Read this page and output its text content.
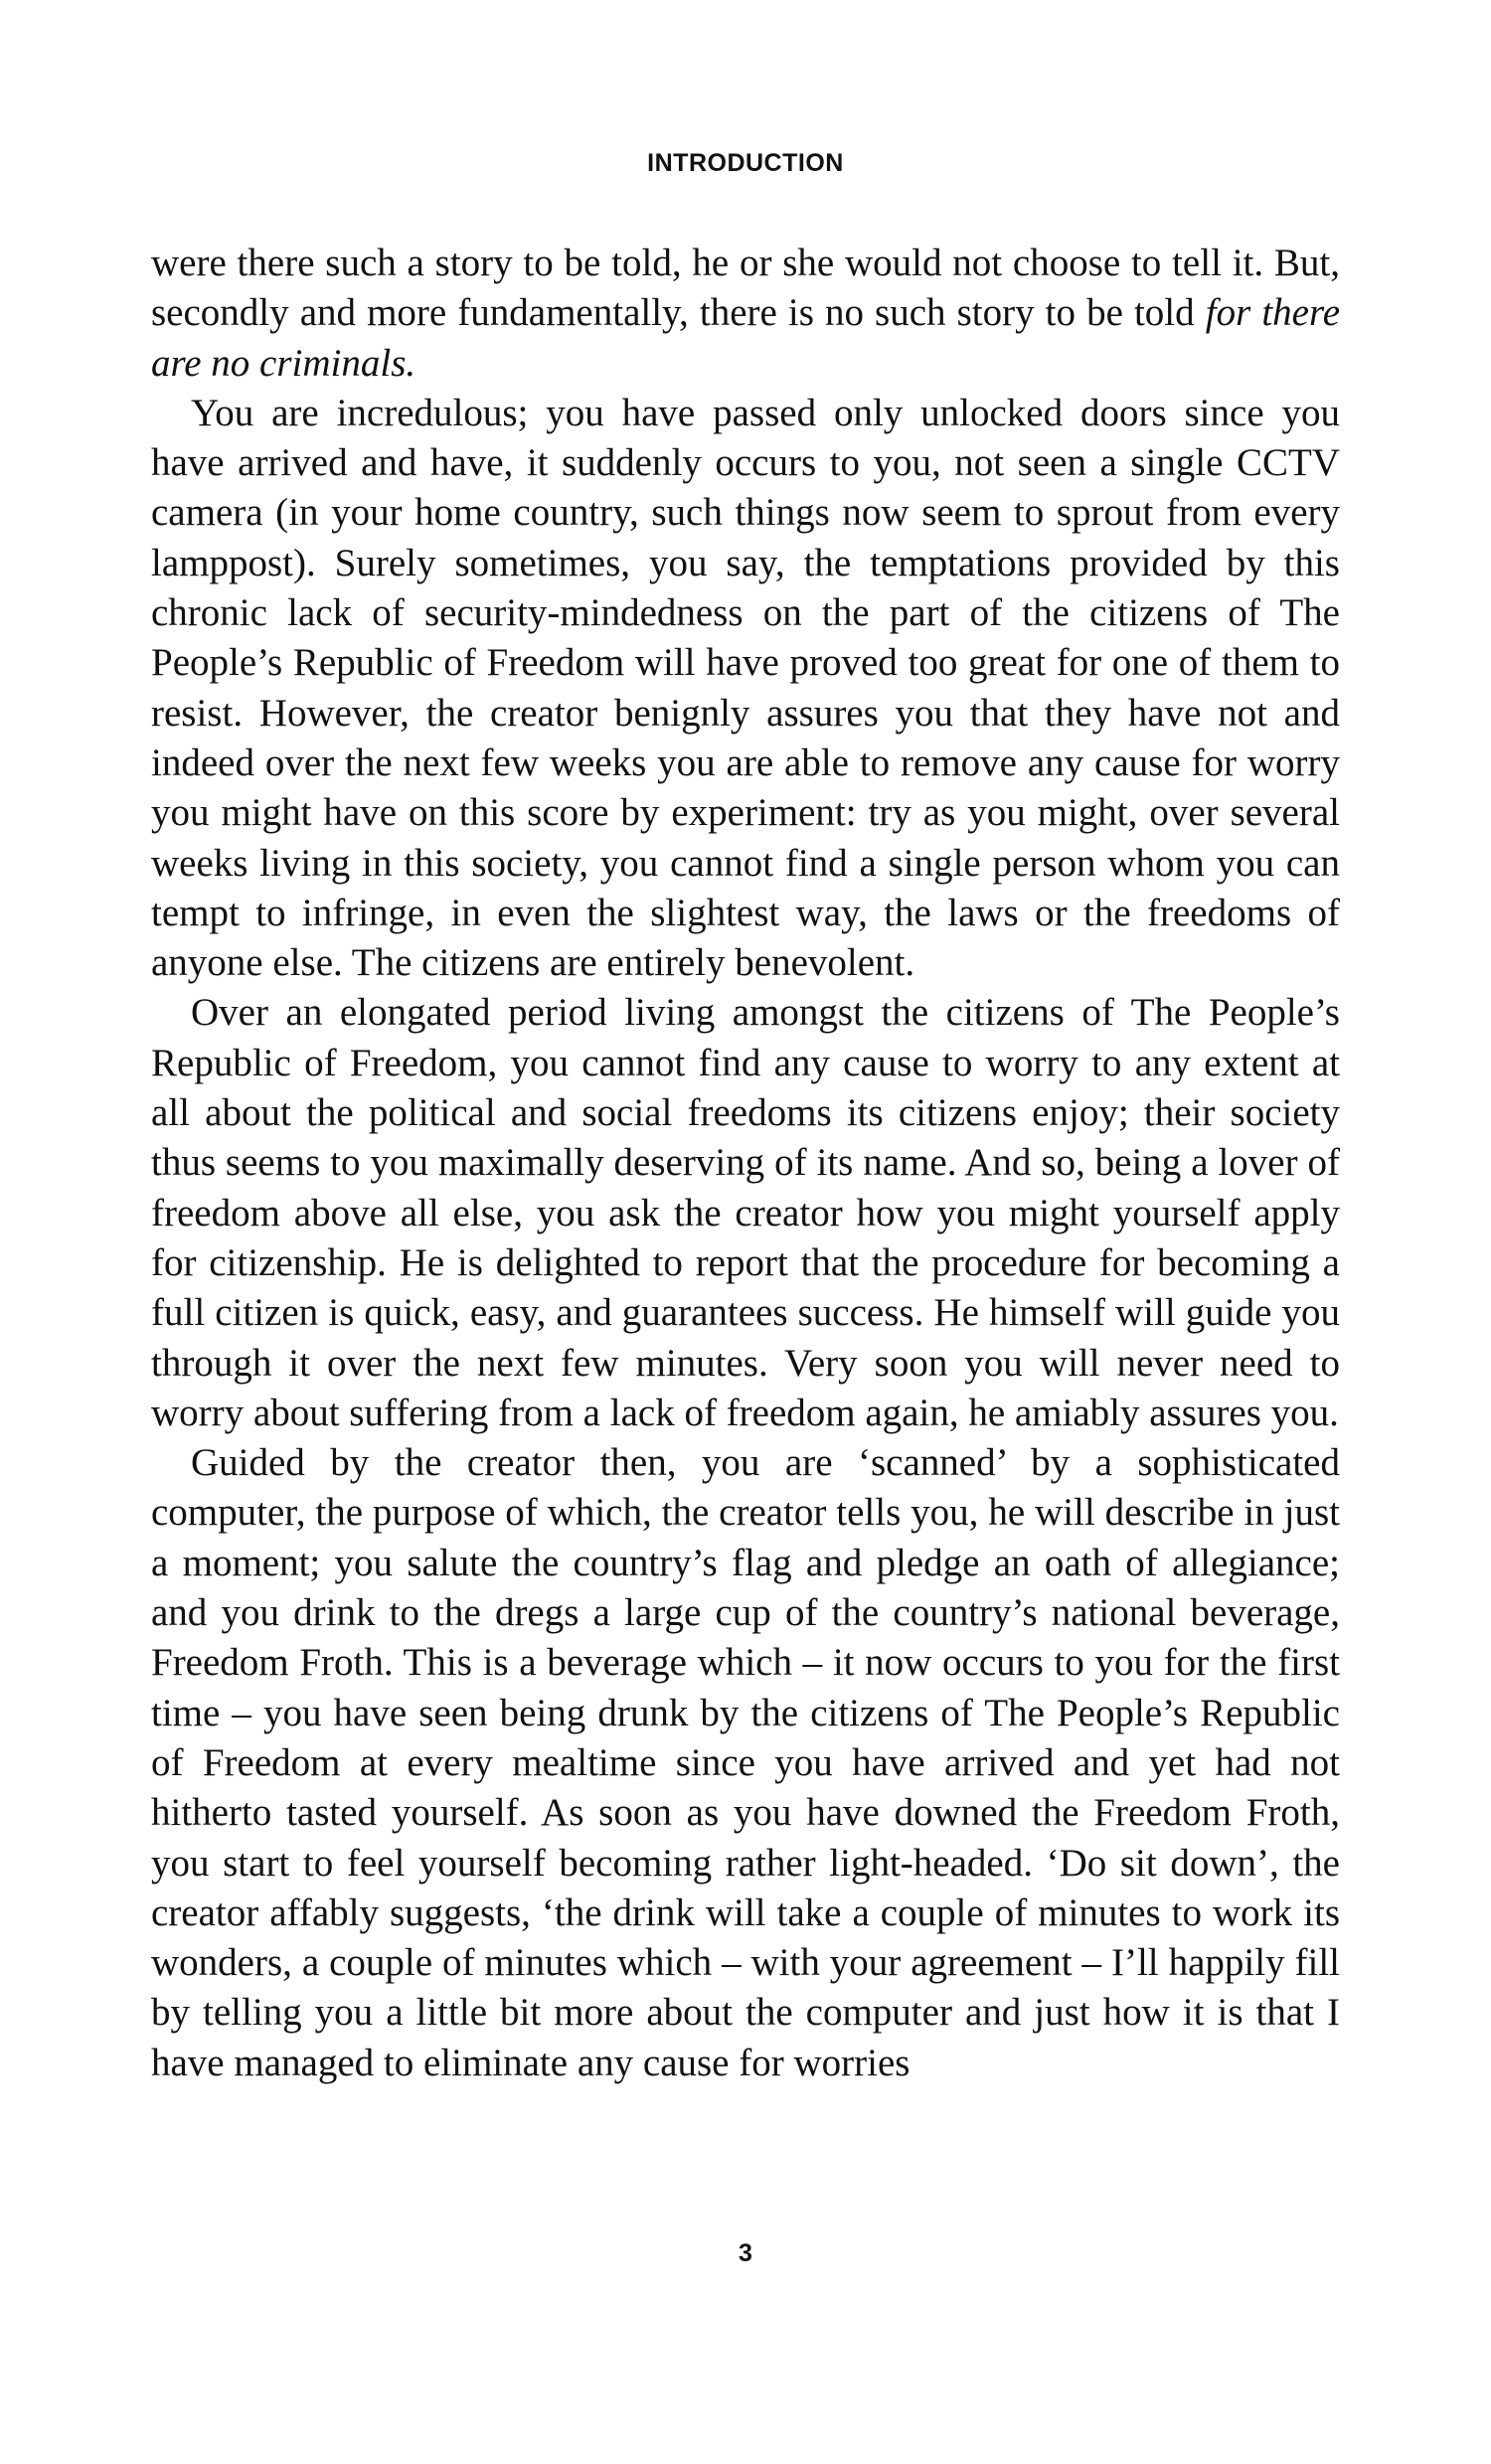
INTRODUCTION

were there such a story to be told, he or she would not choose to tell it. But, secondly and more fundamentally, there is no such story to be told for there are no criminals.

You are incredulous; you have passed only unlocked doors since you have arrived and have, it suddenly occurs to you, not seen a single CCTV camera (in your home country, such things now seem to sprout from every lamppost). Surely sometimes, you say, the temptations provided by this chronic lack of security-mindedness on the part of the citizens of The People’s Republic of Freedom will have proved too great for one of them to resist. However, the creator benignly assures you that they have not and indeed over the next few weeks you are able to remove any cause for worry you might have on this score by experiment: try as you might, over several weeks living in this society, you cannot find a single person whom you can tempt to infringe, in even the slightest way, the laws or the freedoms of anyone else. The citizens are entirely benevolent.

Over an elongated period living amongst the citizens of The People’s Republic of Freedom, you cannot find any cause to worry to any extent at all about the political and social freedoms its citizens enjoy; their society thus seems to you maximally deserving of its name. And so, being a lover of freedom above all else, you ask the creator how you might yourself apply for citizenship. He is delighted to report that the procedure for becoming a full citizen is quick, easy, and guarantees success. He himself will guide you through it over the next few minutes. Very soon you will never need to worry about suffering from a lack of freedom again, he amiably assures you.

Guided by the creator then, you are ‘scanned’ by a sophisticated computer, the purpose of which, the creator tells you, he will describe in just a moment; you salute the country’s flag and pledge an oath of allegiance; and you drink to the dregs a large cup of the country’s national beverage, Freedom Froth. This is a beverage which – it now occurs to you for the first time – you have seen being drunk by the citizens of The People’s Republic of Freedom at every mealtime since you have arrived and yet had not hitherto tasted yourself. As soon as you have downed the Freedom Froth, you start to feel yourself becoming rather light-headed. ‘Do sit down’, the creator affably suggests, ‘the drink will take a couple of minutes to work its wonders, a couple of minutes which – with your agreement – I’ll happily fill by telling you a little bit more about the computer and just how it is that I have managed to eliminate any cause for worries

3
